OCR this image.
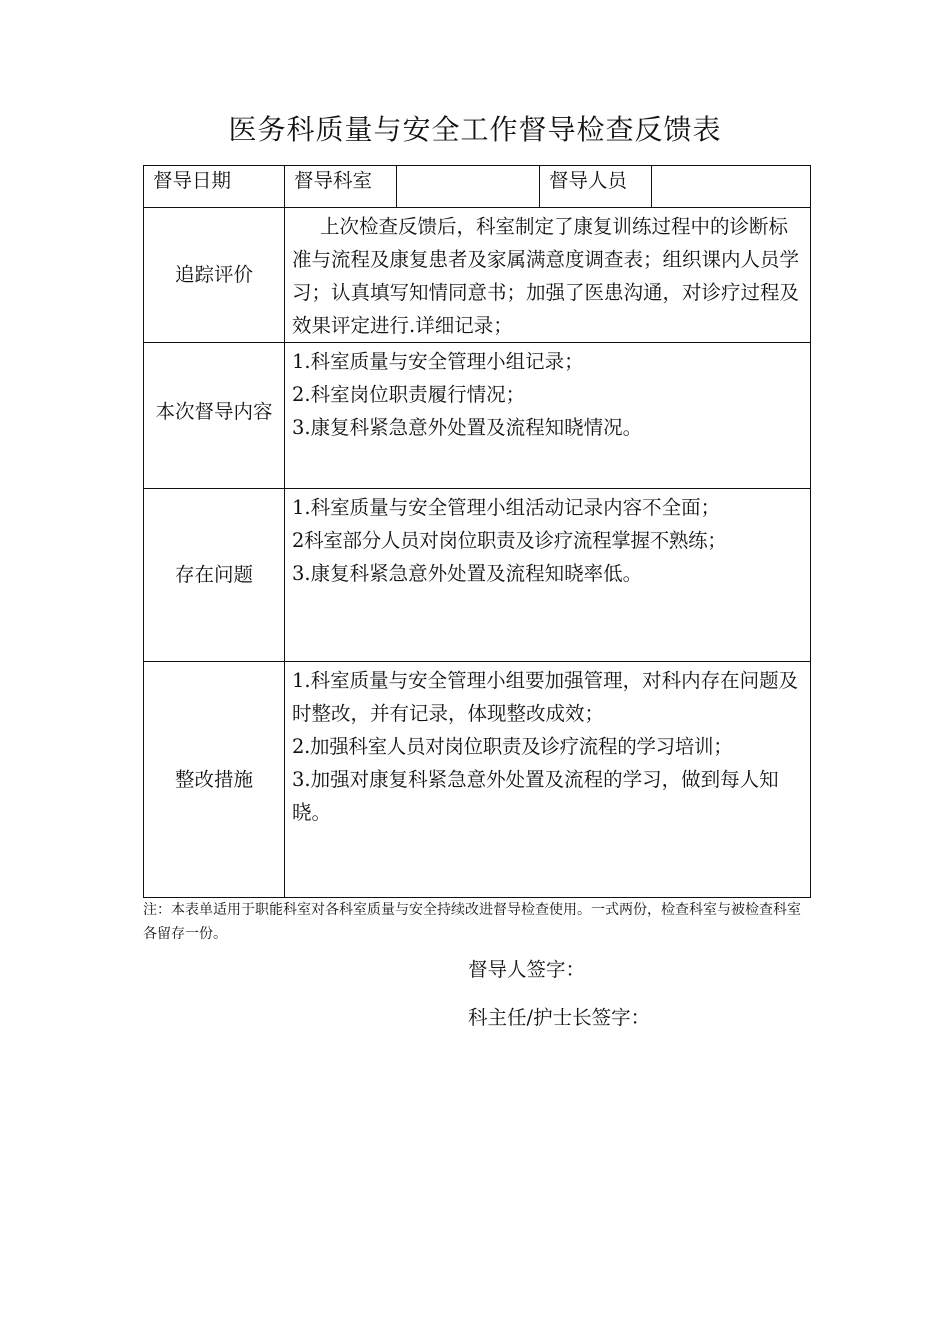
医务科质量与安全工作督导检查反馈表
督导日期	督导科室		督导人员	
追踪评价	上次检查反馈后，科室制定了康复训练过程中的诊断标准与流程及康复患者及家属满意度调查表；组织课内人员学习；认真填写知情同意书；加强了医患沟通，对诊疗过程及效果评定进行.详细记录；			

本次督导内容	1.科室质量与安全管理小组记录；

2.科室岗位职责履行情况；

3.康复科紧急意外处置及流程知晓情况。			

存在问题	1.科室质量与安全管理小组活动记录内容不全面；

2科室部分人员对岗位职责及诊疗流程掌握不熟练；

3.康复科紧急意外处置及流程知晓率低。			

整改措施	1.科室质量与安全管理小组要加强管理，对科内存在问题及时整改，并有记录，体现整改成效；

2.加强科室人员对岗位职责及诊疗流程的学习培训；

3.加强对康复科紧急意外处置及流程的学习，做到每人知晓。			

注：本表单适用于职能科室对各科室质量与安全持续改进督导检查使用。一式两份，检查科室与被检查科室各留存一份。

督导人签字：

科主任/护士长签字：
